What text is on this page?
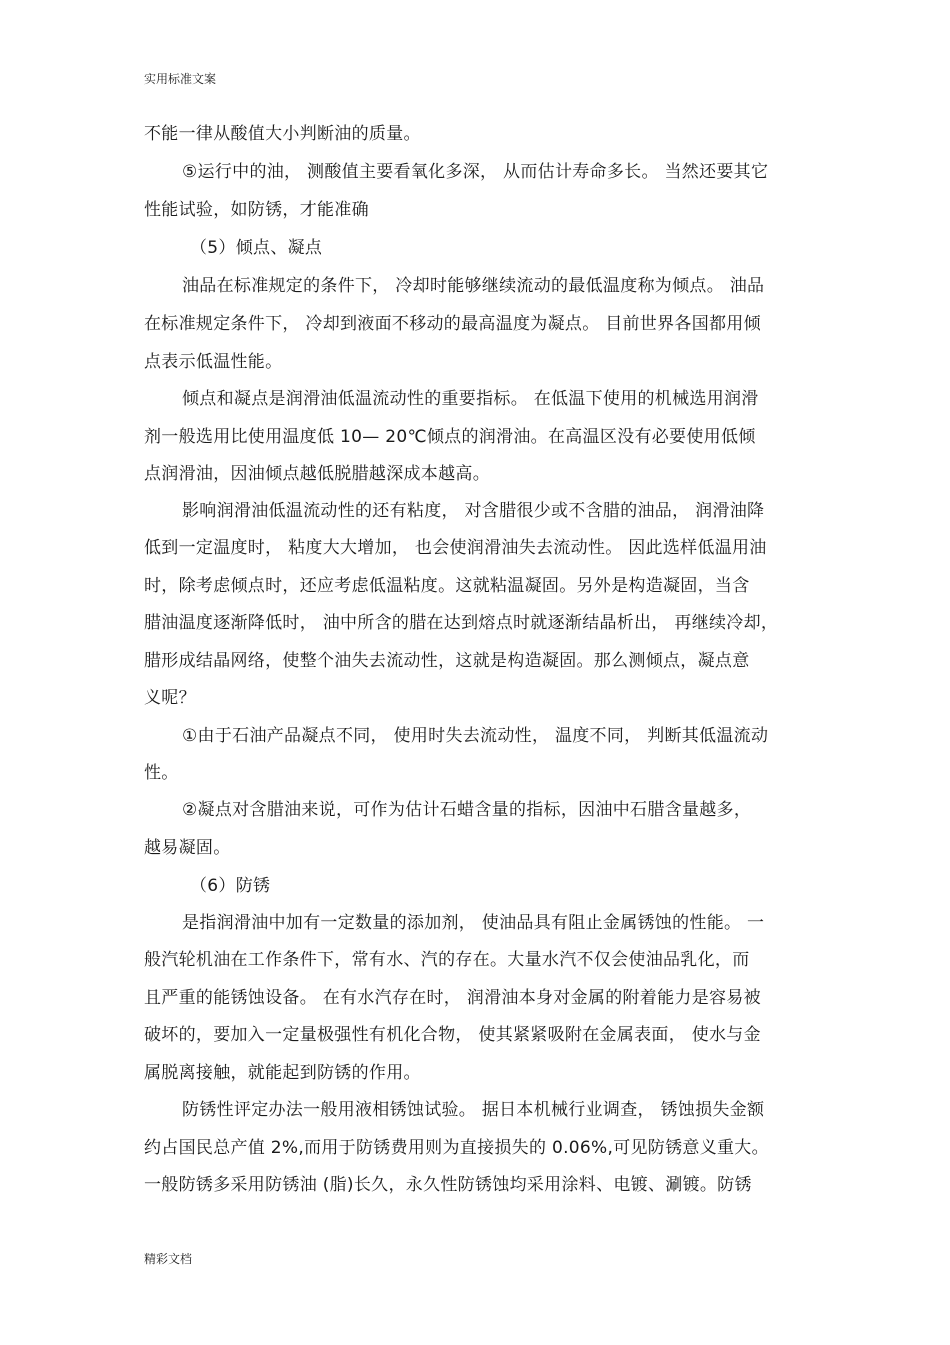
实用标准文案
不能一律从酸值大小判断油的质量。
⑤运行中的油， 测酸值主要看氧化多深， 从而估计寿命多长。 当然还要其它
性能试验，如防锈，才能准确
（5）倾点、凝点
油品在标准规定的条件下， 冷却时能够继续流动的最低温度称为倾点。 油品
在标准规定条件下， 冷却到液面不移动的最高温度为凝点。 目前世界各国都用倾
点表示低温性能。
倾点和凝点是润滑油低温流动性的重要指标。 在低温下使用的机械选用润滑
剂一般选用比使用温度低 10— 20℃倾点的润滑油。在高温区没有必要使用低倾
点润滑油，因油倾点越低脱腊越深成本越高。
影响润滑油低温流动性的还有粘度， 对含腊很少或不含腊的油品， 润滑油降
低到一定温度时， 粘度大大增加， 也会使润滑油失去流动性。 因此选样低温用油
时，除考虑倾点时，还应考虑低温粘度。这就粘温凝固。另外是构造凝固，当含
腊油温度逐渐降低时， 油中所含的腊在达到熔点时就逐渐结晶析出， 再继续冷却，
腊形成结晶网络，使整个油失去流动性，这就是构造凝固。那么测倾点，凝点意
义呢？
①由于石油产品凝点不同， 使用时失去流动性， 温度不同， 判断其低温流动
性。
②凝点对含腊油来说，可作为估计石蜡含量的指标，因油中石腊含量越多，
越易凝固。
（6）防锈
是指润滑油中加有一定数量的添加剂， 使油品具有阻止金属锈蚀的性能。 一
般汽轮机油在工作条件下，常有水、汽的存在。大量水汽不仅会使油品乳化，而
且严重的能锈蚀设备。 在有水汽存在时， 润滑油本身对金属的附着能力是容易被
破坏的，要加入一定量极强性有机化合物， 使其紧紧吸附在金属表面， 使水与金
属脱离接触，就能起到防锈的作用。
防锈性评定办法一般用液相锈蚀试验。 据日本机械行业调查， 锈蚀损失金额
约占国民总产值 2%,而用于防锈费用则为直接损失的 0.06%,可见防锈意义重大。
一般防锈多采用防锈油 (脂)长久，永久性防锈蚀均采用涂料、电镀、涮镀。防锈
精彩文档
